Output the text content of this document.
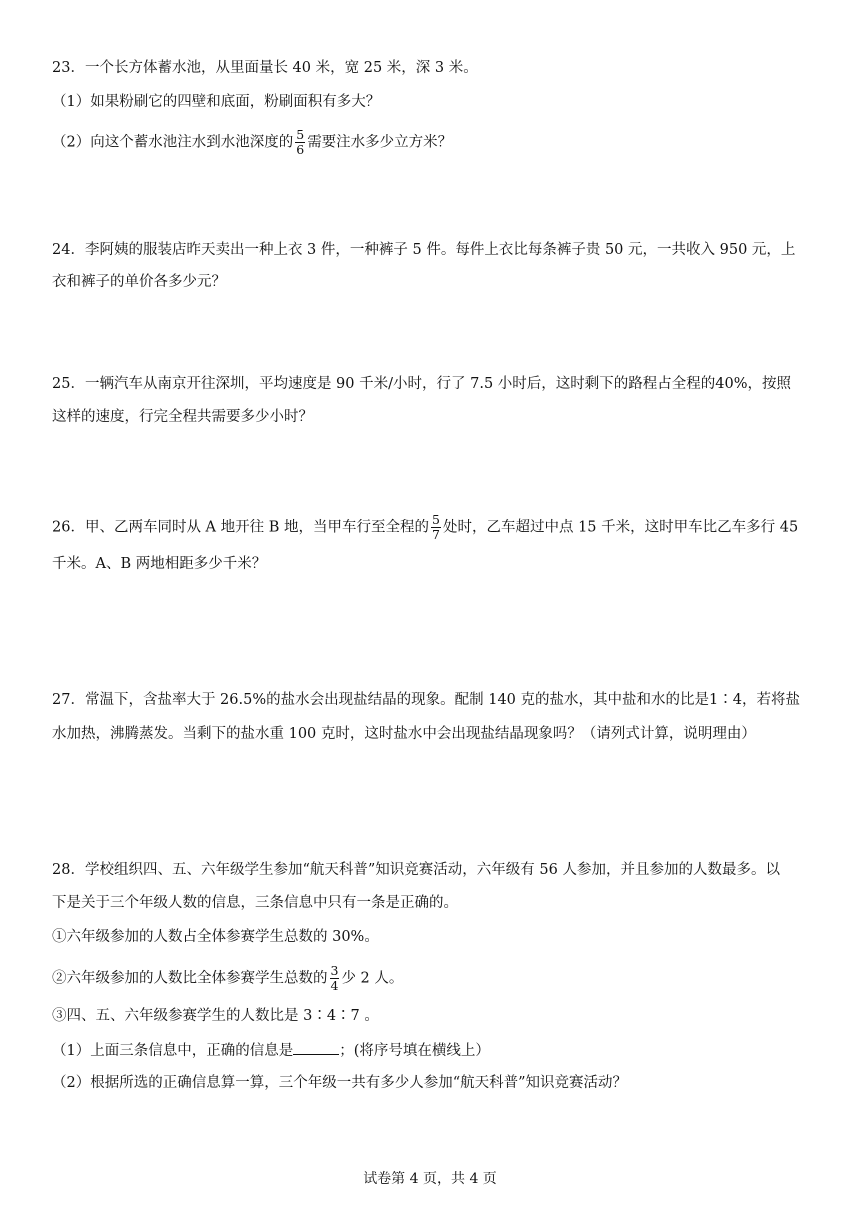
23．一个长方体蓄水池，从里面量长 40 米，宽 25 米，深 3 米。
（1）如果粉刷它的四壁和底面，粉刷面积有多大？
（2）向这个蓄水池注水到水池深度的 $\frac{5}{6}$ 需要注水多少立方米？
24．李阿姨的服装店昨天卖出一种上衣 3 件，一种裤子 5 件。每件上衣比每条裤子贵 50 元，一共收入 950 元，上
衣和裤子的单价各多少元？
25．一辆汽车从南京开往深圳，平均速度是 90 千米/小时，行了 7.5 小时后，这时剩下的路程占全程的40%，按照
这样的速度，行完全程共需要多少小时？
26．甲、乙两车同时从 A 地开往 B 地，当甲车行至全程的 $\frac{5}{7}$ 处时，乙车超过中点 15 千米，这时甲车比乙车多行 45
千米。A、B 两地相距多少千米？
27．常温下，含盐率大于 26.5%的盐水会出现盐结晶的现象。配制 140 克的盐水，其中盐和水的比是1∶4，若将盐
水加热，沸腾蒸发。当剩下的盐水重 100 克时，这时盐水中会出现盐结晶现象吗？（请列式计算，说明理由）
28．学校组织四、五、六年级学生参加“航天科普”知识竞赛活动，六年级有 56 人参加，并且参加的人数最多。以
下是关于三个年级人数的信息，三条信息中只有一条是正确的。
①六年级参加的人数占全体参赛学生总数的 30%。
②六年级参加的人数比全体参赛学生总数的 $\frac{3}{4}$ 少 2 人。
③四、五、六年级参赛学生的人数比是 3∶4∶7 。
（1）上面三条信息中，正确的信息是	；(将序号填在横线上）
（2）根据所选的正确信息算一算，三个年级一共有多少人参加“航天科普”知识竞赛活动？
试卷第 4 页，共 4 页
